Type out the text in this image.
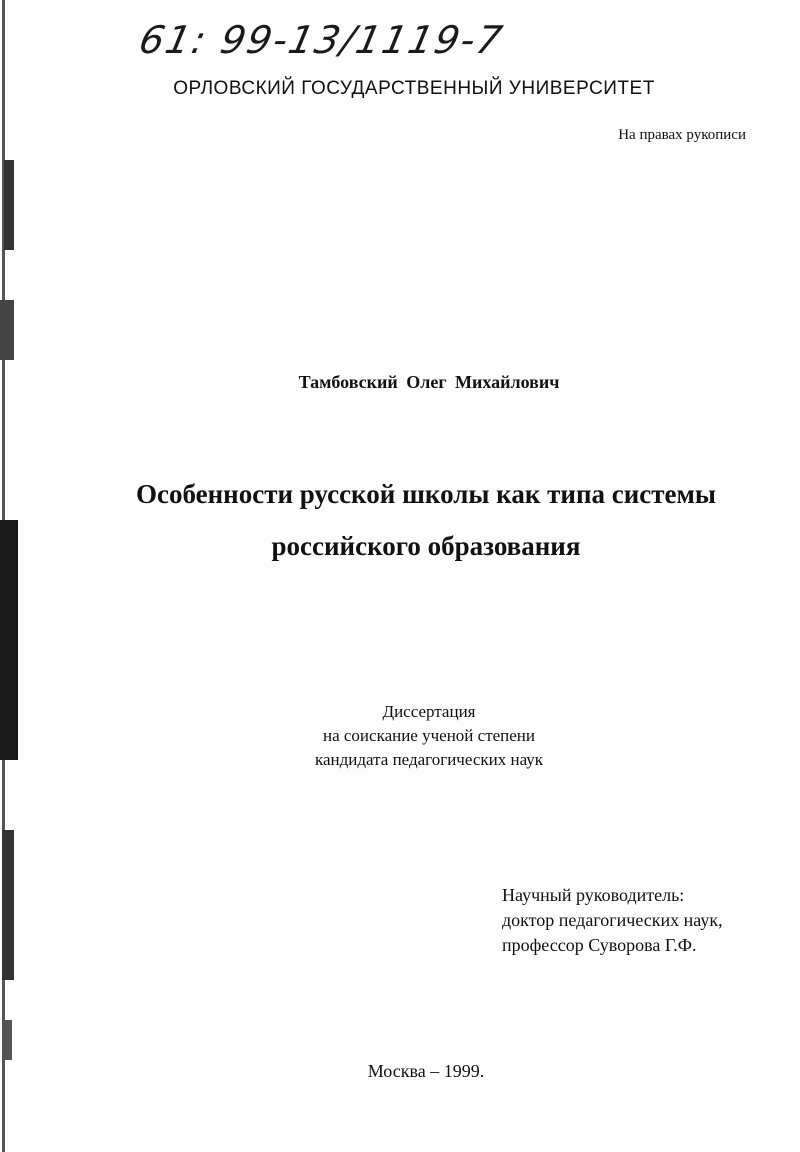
61: 99-13/1119-7
ОРЛОВСКИЙ ГОСУДАРСТВЕННЫЙ УНИВЕРСИТЕТ
На правах рукописи
Тамбовский Олег Михайлович
Особенности русской школы как типа системы
российского образования
Диссертация
на соискание ученой степени
кандидата педагогических наук
Научный руководитель:
доктор педагогических наук,
профессор Суворова Г.Ф.
Москва – 1999.
